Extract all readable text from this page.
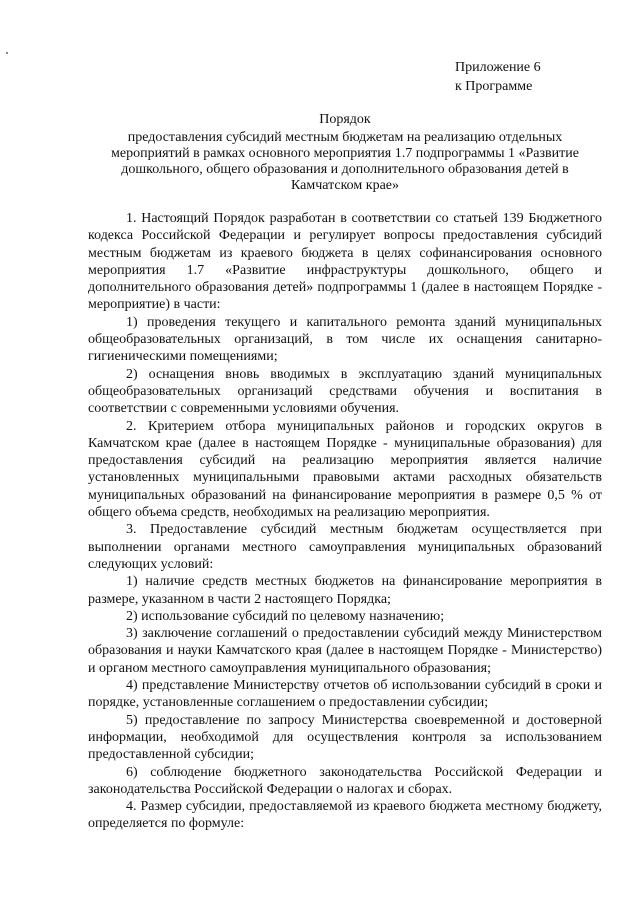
Приложение 6
к Программе
Порядок
предоставления субсидий местным бюджетам на реализацию отдельных мероприятий в рамках основного мероприятия 1.7 подпрограммы 1 «Развитие дошкольного, общего образования и дополнительного образования детей в Камчатском крае»

1. Настоящий Порядок разработан в соответствии со статьей 139 Бюджетного кодекса Российской Федерации и регулирует вопросы предоставления субсидий местным бюджетам из краевого бюджета в целях софинансирования основного мероприятия 1.7 «Развитие инфраструктуры дошкольного, общего и дополнительного образования детей» подпрограммы 1 (далее в настоящем Порядке - мероприятие) в части:

1) проведения текущего и капитального ремонта зданий муниципальных общеобразовательных организаций, в том числе их оснащения санитарно-гигиеническими помещениями;

2) оснащения вновь вводимых в эксплуатацию зданий муниципальных общеобразовательных организаций средствами обучения и воспитания в соответствии с современными условиями обучения.

2. Критерием отбора муниципальных районов и городских округов в Камчатском крае (далее в настоящем Порядке - муниципальные образования) для предоставления субсидий на реализацию мероприятия является наличие установленных муниципальными правовыми актами расходных обязательств муниципальных образований на финансирование мероприятия в размере 0,5 % от общего объема средств, необходимых на реализацию мероприятия.

3. Предоставление субсидий местным бюджетам осуществляется при выполнении органами местного самоуправления муниципальных образований следующих условий:

1) наличие средств местных бюджетов на финансирование мероприятия в размере, указанном в части 2 настоящего Порядка;

2) использование субсидий по целевому назначению;

3) заключение соглашений о предоставлении субсидий между Министерством образования и науки Камчатского края (далее в настоящем Порядке - Министерство) и органом местного самоуправления муниципального образования;

4) представление Министерству отчетов об использовании субсидий в сроки и порядке, установленные соглашением о предоставлении субсидии;

5) предоставление по запросу Министерства своевременной и достоверной информации, необходимой для осуществления контроля за использованием предоставленной субсидии;

6) соблюдение бюджетного законодательства Российской Федерации и законодательства Российской Федерации о налогах и сборах.

4. Размер субсидии, предоставляемой из краевого бюджета местному бюджету, определяется по формуле:
